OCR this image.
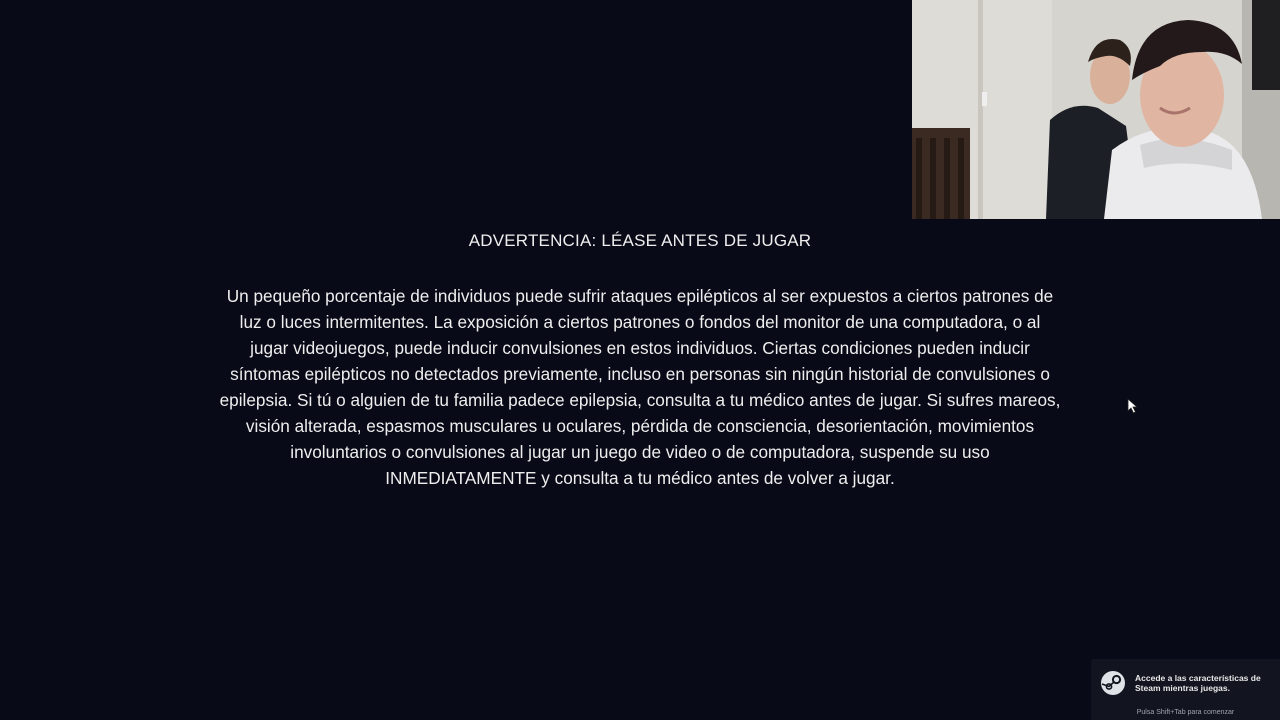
ADVERTENCIA: LÉASE ANTES DE JUGAR
Un pequeño porcentaje de individuos puede sufrir ataques epilépticos al ser expuestos a ciertos patrones de
luz o luces intermitentes. La exposición a ciertos patrones o fondos del monitor de una computadora, o al
jugar videojuegos, puede inducir convulsiones en estos individuos. Ciertas condiciones pueden inducir
síntomas epilépticos no detectados previamente, incluso en personas sin ningún historial de convulsiones o
epilepsia. Si tú o alguien de tu familia padece epilepsia, consulta a tu médico antes de jugar. Si sufres mareos,
visión alterada, espasmos musculares u oculares, pérdida de consciencia, desorientación, movimientos
involuntarios o convulsiones al jugar un juego de video o de computadora, suspende su uso
INMEDIATAMENTE y consulta a tu médico antes de volver a jugar.
Accede a las características de Steam mientras juegas.
Pulsa Shift+Tab para comenzar
